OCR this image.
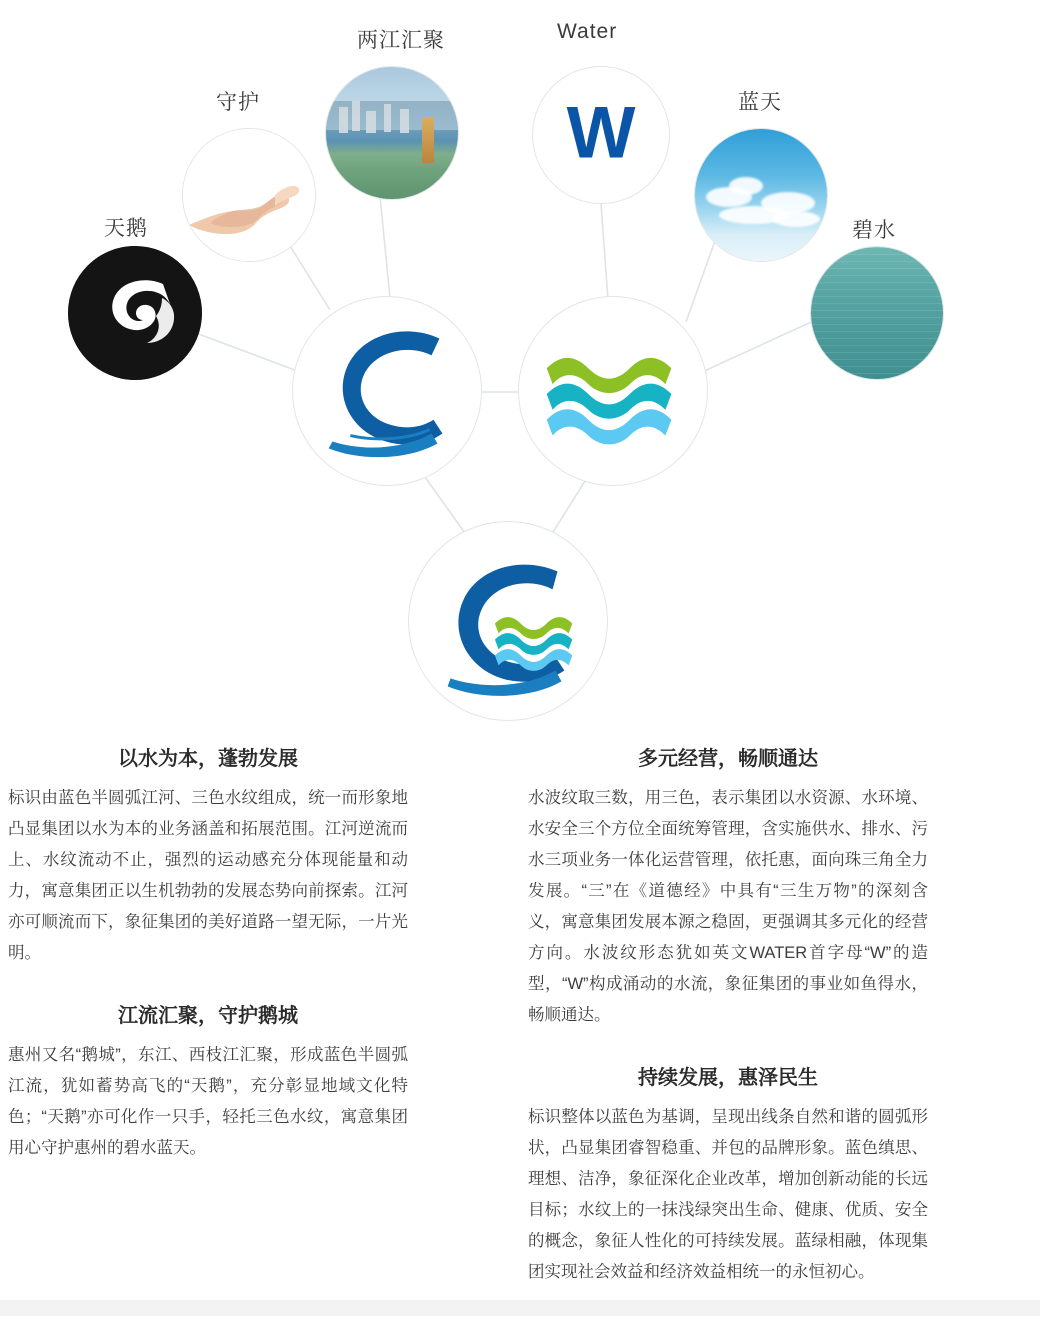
天鹅
守护
两江汇聚	Water
蓝天
碧水
W
以水为本，蓬勃发展

标识由蓝色半圆弧江河、三色水纹组成，统一而形象地凸显集团以水为本的业务涵盖和拓展范围。江河逆流而上、水纹流动不止，强烈的运动感充分体现能量和动力，寓意集团正以生机勃勃的发展态势向前探索。江河亦可顺流而下，象征集团的美好道路一望无际，一片光明。

江流汇聚，守护鹅城

惠州又名“鹅城”，东江、西枝江汇聚，形成蓝色半圆弧江流，犹如蓄势高飞的“天鹅”，充分彰显地域文化特色；“天鹅”亦可化作一只手，轻托三色水纹，寓意集团用心守护惠州的碧水蓝天。

多元经营，畅顺通达

水波纹取三数，用三色，表示集团以水资源、水环境、水安全三个方位全面统筹管理，含实施供水、排水、污水三项业务一体化运营管理，依托惠，面向珠三角全力发展。“三”在《道德经》中具有“三生万物”的深刻含义，寓意集团发展本源之稳固，更强调其多元化的经营方向。水波纹形态犹如英文WATER首字母“W”的造型，“W”构成涌动的水流，象征集团的事业如鱼得水，畅顺通达。

持续发展，惠泽民生

标识整体以蓝色为基调，呈现出线条自然和谐的圆弧形状，凸显集团睿智稳重、并包的品牌形象。蓝色缜思、理想、洁净，象征深化企业改革，增加创新动能的长远目标；水纹上的一抹浅绿突出生命、健康、优质、安全的概念，象征人性化的可持续发展。蓝绿相融，体现集团实现社会效益和经济效益相统一的永恒初心。
